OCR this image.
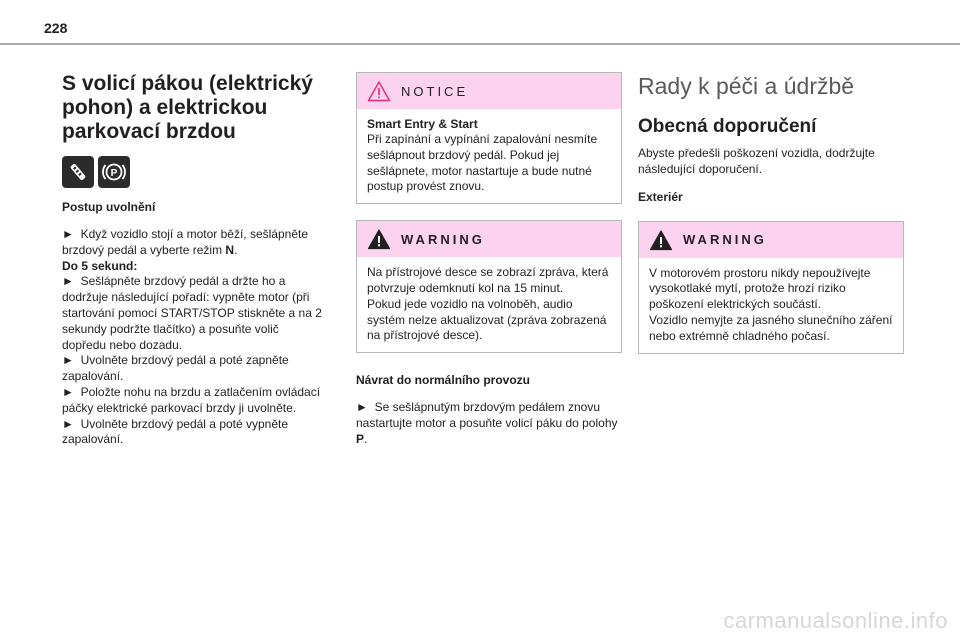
228
S volicí pákou (elektrický pohon) a elektrickou parkovací brzdou
P
Postup uvolnění
► Když vozidlo stojí a motor běží, sešlápněte brzdový pedál a vyberte režim N.
Do 5 sekund:
► Sešlápněte brzdový pedál a držte ho a dodržuje následující pořadí: vypněte motor (při startování pomocí START/STOP stiskněte a na 2 sekundy podržte tlačítko) a posuňte volič dopředu nebo dozadu.
► Uvolněte brzdový pedál a poté zapněte zapalování.
► Položte nohu na brzdu a zatlačením ovládací páčky elektrické parkovací brzdy ji uvolněte.
► Uvolněte brzdový pedál a poté vypněte zapalování.
NOTICE
Smart Entry & Start
Při zapínání a vypínání zapalování nesmíte sešlápnout brzdový pedál. Pokud jej sešlápnete, motor nastartuje a bude nutné postup provést znovu.
WARNING
Na přístrojové desce se zobrazí zpráva, která potvrzuje odemknutí kol na 15 minut.
Pokud jede vozidlo na volnoběh, audio systém nelze aktualizovat (zpráva zobrazená na přístrojové desce).
Návrat do normálního provozu
► Se sešlápnutým brzdovým pedálem znovu nastartujte motor a posuňte volicí páku do polohy P.
Rady k péči a údržbě
Obecná doporučení
Abyste předešli poškození vozidla, dodržujte následující doporučení.
Exteriér
WARNING
V motorovém prostoru nikdy nepoužívejte vysokotlaké mytí, protože hrozí riziko poškození elektrických součástí.
Vozidlo nemyjte za jasného slunečního záření nebo extrémně chladného počasí.
carmanualsonline.info
